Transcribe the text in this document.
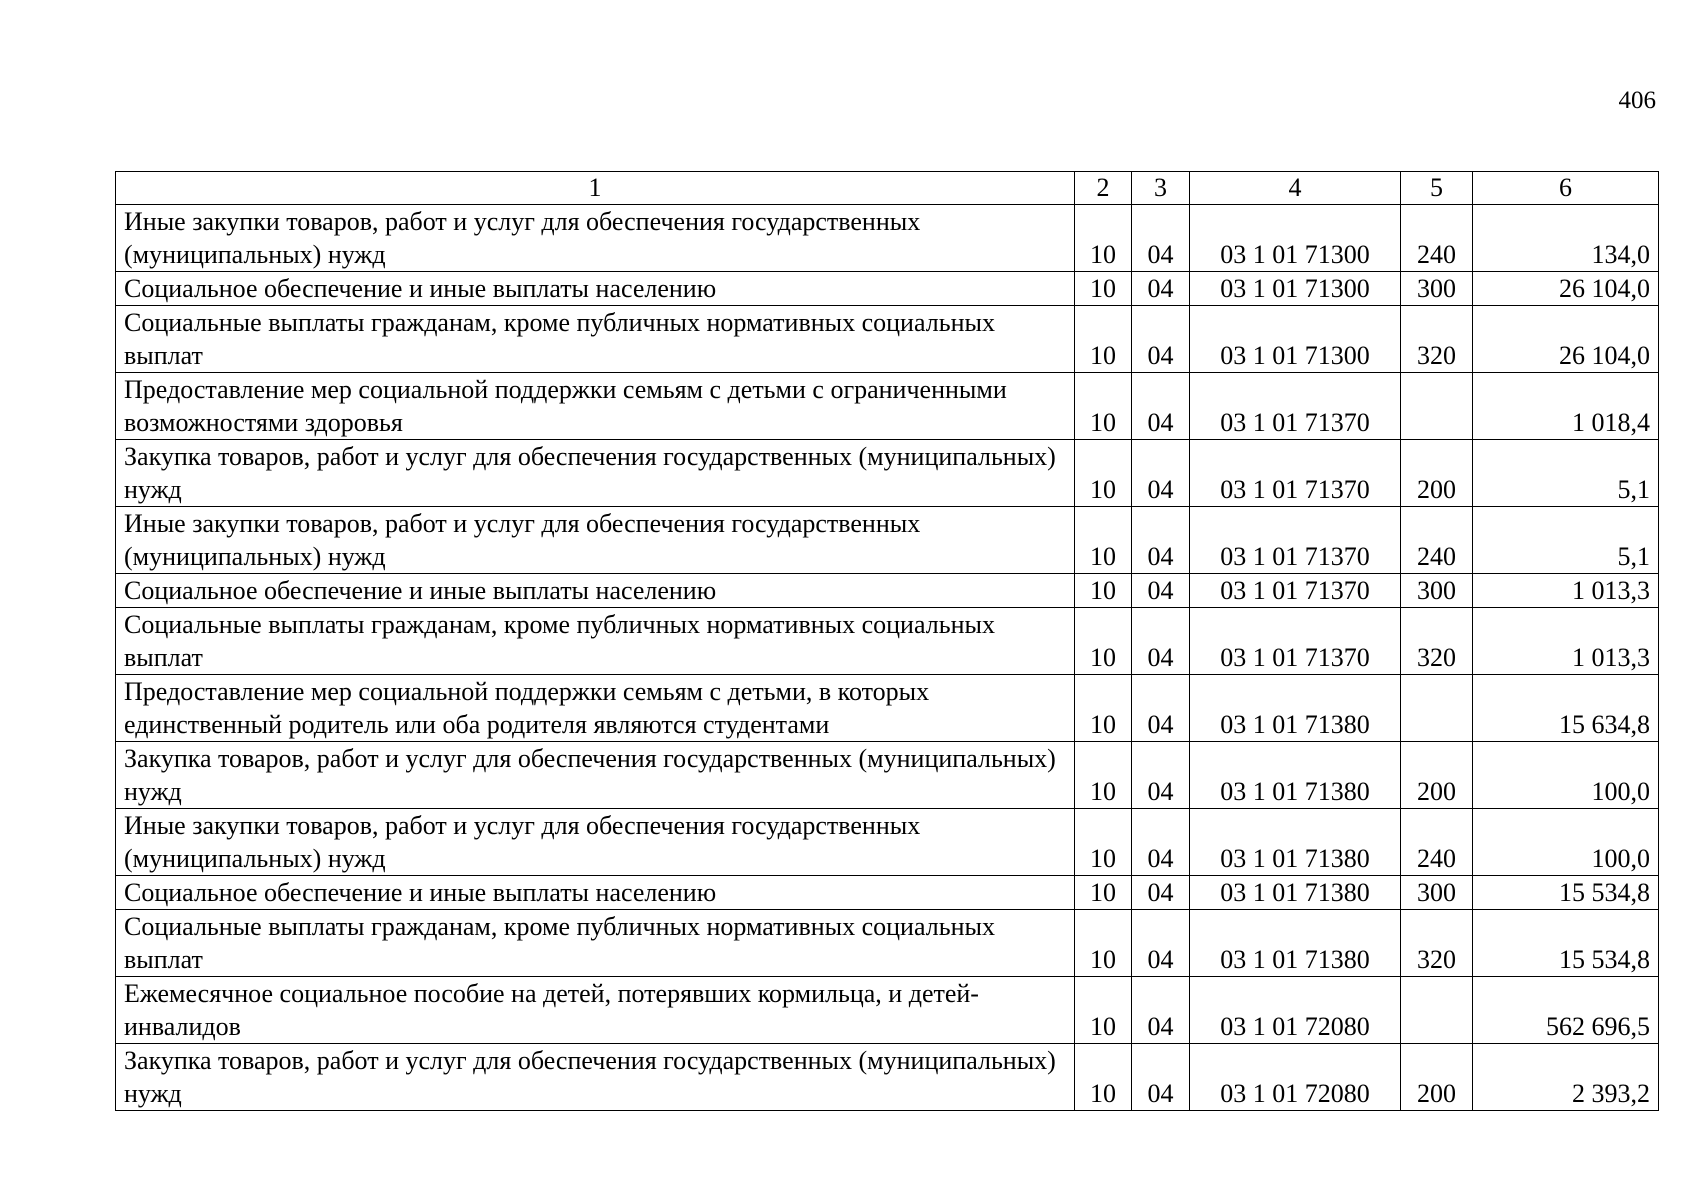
406
1	2	3	4	5	6
Иные закупки товаров, работ и услуг для обеспечения государственных (муниципальных) нужд	10	04	03 1 01 71300	240	134,0
Социальное обеспечение и иные выплаты населению	10	04	03 1 01 71300	300	26 104,0
Социальные выплаты гражданам, кроме публичных нормативных социальных выплат	10	04	03 1 01 71300	320	26 104,0
Предоставление мер социальной поддержки семьям с детьми с ограниченными возможностями здоровья	10	04	03 1 01 71370		1 018,4
Закупка товаров, работ и услуг для обеспечения государственных (муниципальных) нужд	10	04	03 1 01 71370	200	5,1
Иные закупки товаров, работ и услуг для обеспечения государственных (муниципальных) нужд	10	04	03 1 01 71370	240	5,1
Социальное обеспечение и иные выплаты населению	10	04	03 1 01 71370	300	1 013,3
Социальные выплаты гражданам, кроме публичных нормативных социальных выплат	10	04	03 1 01 71370	320	1 013,3
Предоставление мер социальной поддержки семьям с детьми, в которых единственный родитель или оба родителя являются студентами	10	04	03 1 01 71380		15 634,8
Закупка товаров, работ и услуг для обеспечения государственных (муниципальных) нужд	10	04	03 1 01 71380	200	100,0
Иные закупки товаров, работ и услуг для обеспечения государственных (муниципальных) нужд	10	04	03 1 01 71380	240	100,0
Социальное обеспечение и иные выплаты населению	10	04	03 1 01 71380	300	15 534,8
Социальные выплаты гражданам, кроме публичных нормативных социальных выплат	10	04	03 1 01 71380	320	15 534,8
Ежемесячное социальное пособие на детей, потерявших кормильца, и детей-инвалидов	10	04	03 1 01 72080		562 696,5
Закупка товаров, работ и услуг для обеспечения государственных (муниципальных) нужд	10	04	03 1 01 72080	200	2 393,2
